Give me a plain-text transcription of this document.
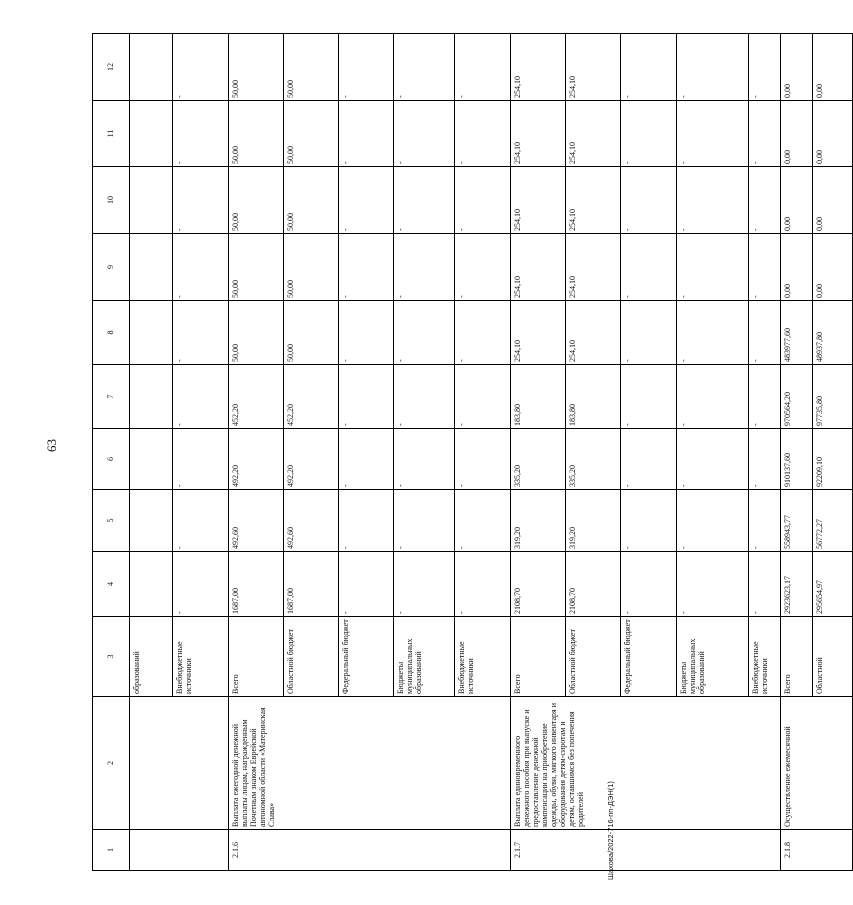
63
Шахова/2022-716-пп-ДЭН(1)
1	2	3	4	5	6	7	8	9	10	11	12
		образований									
		Внебюджетные источники	-	-	-	-	-	-	-	-	-
2.1.6	Выплата ежегодной денежной выплаты лицам, награжденным Почетным знаком Еврейской автономной области «Материнская Слава»	Всего	1687,00	492,60	492,20	452,20	50,00	50,00	50,00	50,00	50,00
		Областной бюджет	1687,00	492,60	492,20	452,20	50,00	50,00	50,00	50,00	50,00
		Федеральный бюджет	-	-	-	-	-	-	-	-	-
		Бюджеты муниципальных образований	-	-	-	-	-	-	-	-	-
		Внебюджетные источники	-	-	-	-	-	-	-	-	-
2.1.7	Выплата единовременного денежного пособия при выпуске и предоставление денежной компенсации на приобретение одежды, обуви, мягкого инвентаря и оборудования детям-сиротам и детям, оставшимся без попечения родителей	Всего	2108,70	319,20	335,20	183,80	254,10	254,10	254,10	254,10	254,10
		Областной бюджет	2108,70	319,20	335,20	183,80	254,10	254,10	254,10	254,10	254,10
		Федеральный бюджет	-	-	-	-	-	-	-	-	-
		Бюджеты муниципальных образований	-	-	-	-	-	-	-	-	-
		Внебюджетные источники	-	-	-	-	-	-	-	-	-
2.1.8	Осуществление ежемесячной	Всего	2923623,17	558943,77	910137,60	970564,20	483977,60	0,00	0,00	0,00	0,00
		Областной	295654,97	56772,27	92209,10	97735,80	48937,80	0,00	0,00	0,00	0,00
